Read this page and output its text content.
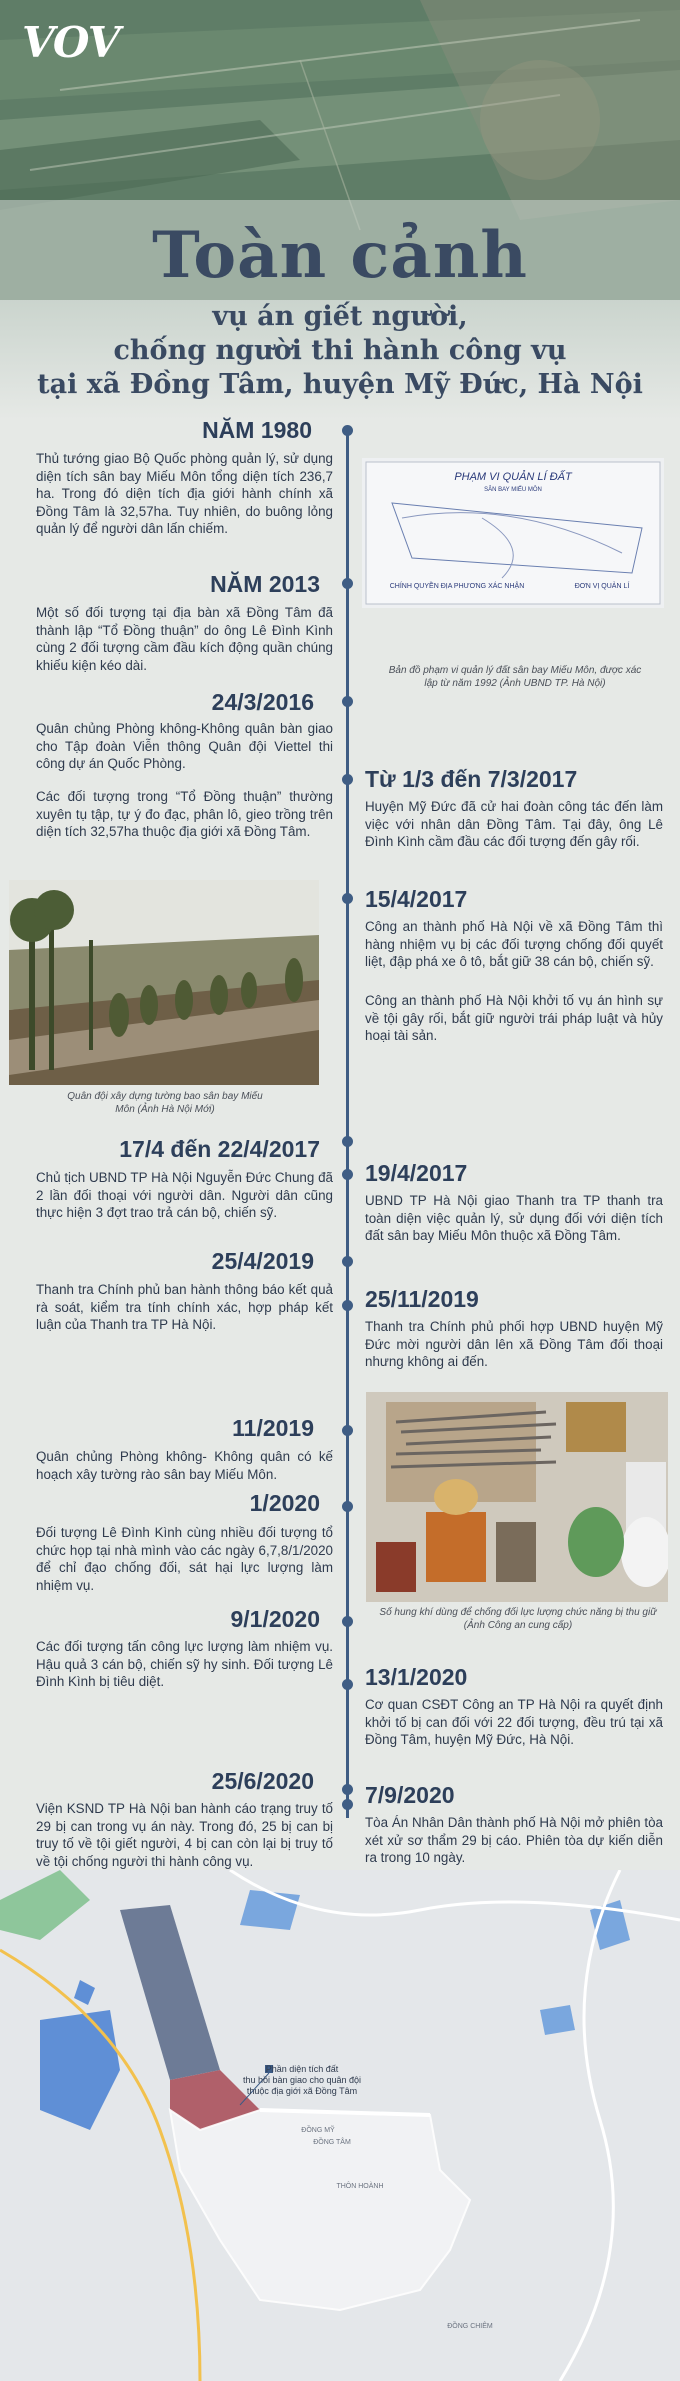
VOV
Toàn cảnh
vụ án giết người,
chống người thi hành công vụ
tại xã Đồng Tâm, huyện Mỹ Đức, Hà Nội
NĂM 1980
Thủ tướng giao Bộ Quốc phòng quản lý, sử dụng diện tích sân bay Miếu Môn tổng diện tích 236,7 ha. Trong đó diện tích địa giới hành chính xã Đồng Tâm là 32,57ha. Tuy nhiên, do buông lỏng quản lý để người dân lấn chiếm.
NĂM 2013
Một số đối tượng tại địa bàn xã Đồng Tâm đã thành lập “Tổ Đồng thuận” do ông Lê Đình Kình cùng 2 đối tượng cầm đầu kích động quần chúng khiếu kiện kéo dài.
24/3/2016
Quân chủng Phòng không-Không quân bàn giao cho Tập đoàn Viễn thông Quân đội Viettel thi công dự án Quốc Phòng.
Các đối tượng trong “Tổ Đồng thuận” thường xuyên tụ tập, tự ý đo đạc, phân lô, gieo trồng trên diện tích 32,57ha thuộc địa giới xã Đồng Tâm.
Quân đội xây dựng tường bao sân bay Miếu Môn (Ảnh Hà Nội Mới)
17/4 đến 22/4/2017
Chủ tịch UBND TP Hà Nội Nguyễn Đức Chung đã 2 lần đối thoại với người dân. Người dân cũng thực hiện 3 đợt trao trả cán bộ, chiến sỹ.
25/4/2019
Thanh tra Chính phủ ban hành thông báo kết quả rà soát, kiểm tra tính chính xác, hợp pháp kết luận của Thanh tra TP Hà Nội.
11/2019
Quân chủng Phòng không- Không quân có kế hoạch xây tường rào sân bay Miếu Môn.
1/2020
Đối tượng Lê Đình Kình cùng nhiều đối tượng tổ chức họp tại nhà mình vào các ngày 6,7,8/1/2020 để chỉ đạo chống đối, sát hại lực lượng làm nhiệm vụ.
9/1/2020
Các đối tượng tấn công lực lượng làm nhiệm vụ. Hậu quả 3 cán bộ, chiến sỹ hy sinh. Đối tượng Lê Đình Kình bị tiêu diệt.
25/6/2020
Viện KSND TP Hà Nội ban hành cáo trạng truy tố 29 bị can trong vụ án này. Trong đó, 25 bị can bị truy tố về tội giết người, 4 bị can còn lại bị truy tố về tội chống người thi hành công vụ.
PHẠM VI QUẢN LÍ ĐẤT
SÂN BAY MIẾU MÔN
CHÍNH QUYỀN ĐỊA PHƯƠNG XÁC NHẬN	ĐƠN VỊ QUẢN LÍ
Bản đồ phạm vi quản lý đất sân bay Miếu Môn, được xác lập từ năm 1992 (Ảnh UBND TP. Hà Nội)
Từ 1/3 đến 7/3/2017
Huyện Mỹ Đức đã cử hai đoàn công tác đến làm việc với nhân dân Đồng Tâm. Tại đây, ông Lê Đình Kình cầm đầu các đối tượng đến gây rối.
15/4/2017
Công an thành phố Hà Nội về xã Đồng Tâm thì hàng nhiệm vụ bị các đối tượng chống đối quyết liệt, đập phá xe ô tô, bắt giữ 38 cán bộ, chiến sỹ.
Công an thành phố Hà Nội khởi tố vụ án hình sự về tội gây rối, bắt giữ người trái pháp luật và hủy hoại tài sản.
19/4/2017
UBND TP Hà Nội giao Thanh tra TP thanh tra toàn diện việc quản lý, sử dụng đối với diện tích đất sân bay Miếu Môn thuộc xã Đồng Tâm.
25/11/2019
Thanh tra Chính phủ phối hợp UBND huyện Mỹ Đức mời người dân lên xã Đồng Tâm đối thoại nhưng không ai đến.
Số hung khí dùng để chống đối lực lượng chức năng bị thu giữ (Ảnh Công an cung cấp)
13/1/2020
Cơ quan CSĐT Công an TP Hà Nội ra quyết định khởi tố bị can đối với 22 đối tượng, đều trú tại xã Đồng Tâm, huyện Mỹ Đức, Hà Nội.
7/9/2020
Tòa Án Nhân Dân thành phố Hà Nội mở phiên tòa xét xử sơ thẩm 29 bị cáo. Phiên tòa dự kiến diễn ra trong 10 ngày.
Phần diện tích đất
thu hồi bàn giao cho quân đội
thuộc địa giới xã Đồng Tâm
ĐỒNG MỸ
ĐỒNG TÂM
THÔN HOÀNH
ĐỒNG CHIÊM
